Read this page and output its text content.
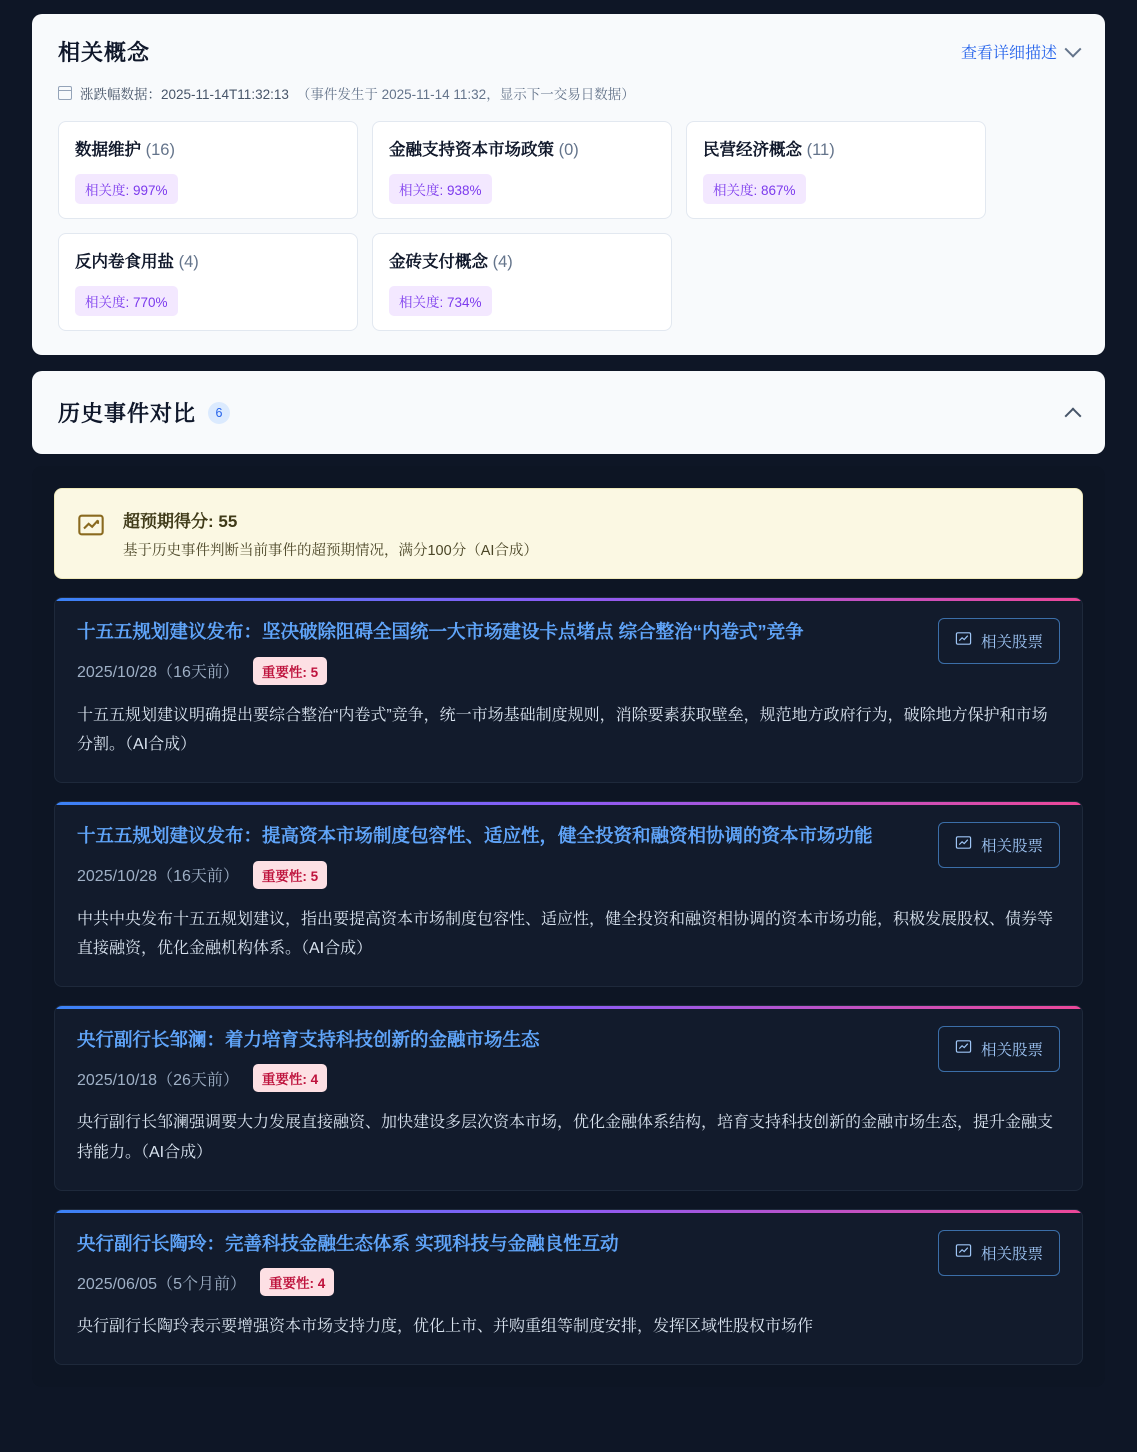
相关概念	查看详细描述
涨跌幅数据：2025-11-14T11:32:13 （事件发生于 2025-11-14 11:32，显示下一交易日数据）
数据维护 (16)
相关度: 997%
金融支持资本市场政策 (0)
相关度: 938%
民营经济概念 (11)
相关度: 867%
反内卷食用盐 (4)
相关度: 770%
金砖支付概念 (4)
相关度: 734%
历史事件对比	6
超预期得分: 55
基于历史事件判断当前事件的超预期情况，满分100分（AI合成）
十五五规划建议发布：坚决破除阻碍全国统一大市场建设卡点堵点 综合整治“内卷式”竞争
2025/10/28（16天前）	重要性: 5
相关股票
十五五规划建议明确提出要综合整治“内卷式”竞争，统一市场基础制度规则，消除要素获取壁垒，规范地方政府行为，破除地方保护和市场分割。（AI合成）
十五五规划建议发布：提高资本市场制度包容性、适应性，健全投资和融资相协调的资本市场功能
2025/10/28（16天前）	重要性: 5
相关股票
中共中央发布十五五规划建议，指出要提高资本市场制度包容性、适应性，健全投资和融资相协调的资本市场功能，积极发展股权、债券等直接融资，优化金融机构体系。（AI合成）
央行副行长邹澜：着力培育支持科技创新的金融市场生态
2025/10/18（26天前）	重要性: 4
相关股票
央行副行长邹澜强调要大力发展直接融资、加快建设多层次资本市场，优化金融体系结构，培育支持科技创新的金融市场生态，提升金融支持能力。（AI合成）
央行副行长陶玲：完善科技金融生态体系 实现科技与金融良性互动
2025/06/05（5个月前）	重要性: 4
相关股票
央行副行长陶玲表示要增强资本市场支持力度，优化上市、并购重组等制度安排，发挥区域性股权市场作
